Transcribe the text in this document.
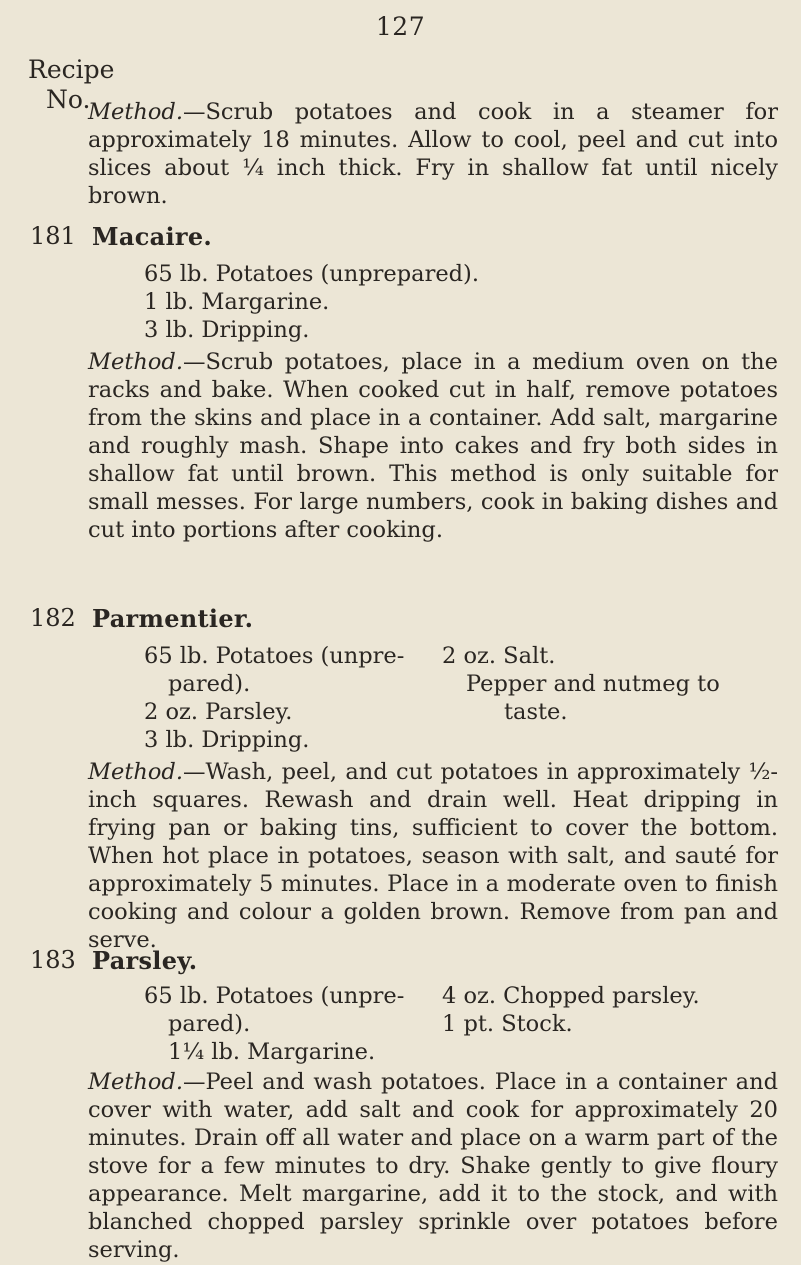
127
Recipe
No.
Method.—Scrub potatoes and cook in a steamer for approximately 18 minutes. Allow to cool, peel and cut into slices about ¼ inch thick. Fry in shallow fat until nicely brown.
181 Macaire.
65 lb. Potatoes (unprepared).
1 lb. Margarine.
3 lb. Dripping.
Method.—Scrub potatoes, place in a medium oven on the racks and bake. When cooked cut in half, remove potatoes from the skins and place in a container. Add salt, margarine and roughly mash. Shape into cakes and fry both sides in shallow fat until brown. This method is only suitable for small messes. For large numbers, cook in baking dishes and cut into portions after cooking.
182 Parmentier.
65 lb. Potatoes (unpre-
pared).
2 oz. Parsley.
3 lb. Dripping.
2 oz. Salt.
Pepper and nutmeg to
taste.
Method.—Wash, peel, and cut potatoes in approximately ½-inch squares. Rewash and drain well. Heat dripping in frying pan or baking tins, sufficient to cover the bottom. When hot place in potatoes, season with salt, and sauté for approximately 5 minutes. Place in a moderate oven to finish cooking and colour a golden brown. Remove from pan and serve.
183 Parsley.
65 lb. Potatoes (unpre-
pared).
1¼ lb. Margarine.
4 oz. Chopped parsley.
1 pt. Stock.
Method.—Peel and wash potatoes. Place in a container and cover with water, add salt and cook for approximately 20 minutes. Drain off all water and place on a warm part of the stove for a few minutes to dry. Shake gently to give floury appearance. Melt margarine, add it to the stock, and with blanched chopped parsley sprinkle over potatoes before serving.
